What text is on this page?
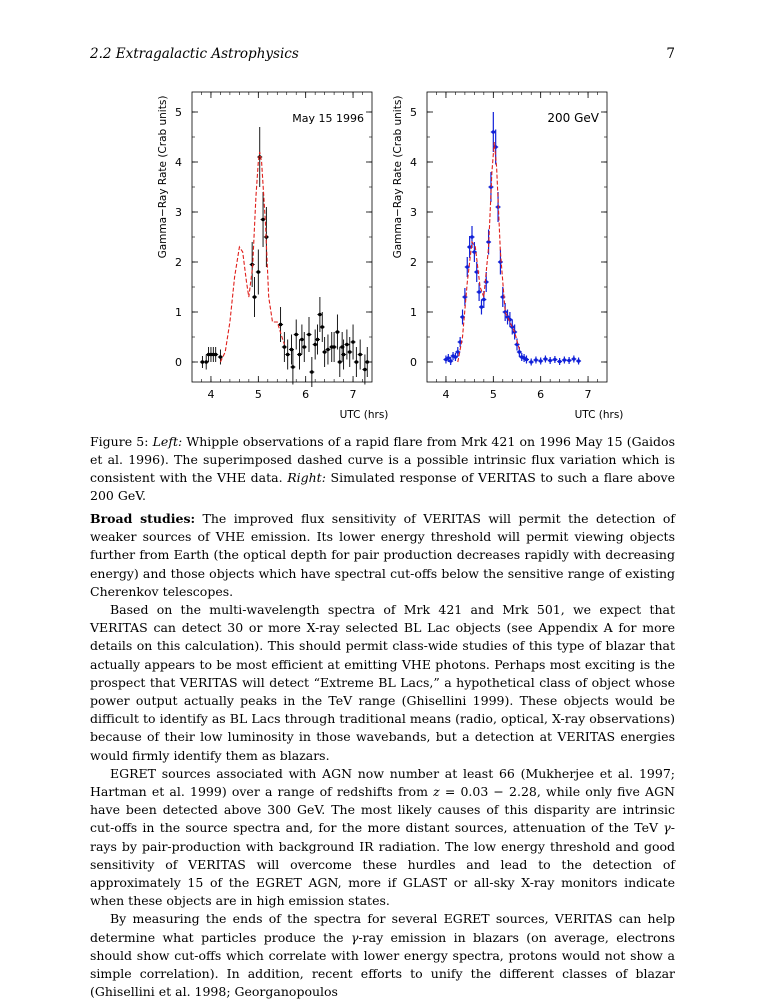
2.2 Extragalactic Astrophysics	7
0
1
2
3
4
5
4	5	6	7
UTC (hrs)
Gamma−Ray Rate (Crab units)	May 15 1996
0
1
2
3
4
5
4	5	6	7
UTC (hrs)
Gamma−Ray Rate (Crab units)	200 GeV
Figure 5: Left: Whipple observations of a rapid flare from Mrk 421 on 1996 May 15 (Gaidos et al. 1996). The superimposed dashed curve is a possible intrinsic flux variation which is consistent with the VHE data. Right: Simulated response of VERITAS to such a flare above 200 GeV.

Broad studies: The improved flux sensitivity of VERITAS will permit the detection of weaker sources of VHE emission. Its lower energy threshold will permit viewing objects further from Earth (the optical depth for pair production decreases rapidly with decreasing energy) and those objects which have spectral cut-offs below the sensitive range of existing Cherenkov telescopes.

Based on the multi-wavelength spectra of Mrk 421 and Mrk 501, we expect that VERITAS can detect 30 or more X-ray selected BL Lac objects (see Appendix A for more details on this calculation). This should permit class-wide studies of this type of blazar that actually appears to be most efficient at emitting VHE photons. Perhaps most exciting is the prospect that VERITAS will detect “Extreme BL Lacs,” a hypothetical class of object whose power output actually peaks in the TeV range (Ghisellini 1999). These objects would be difficult to identify as BL Lacs through traditional means (radio, optical, X-ray observations) because of their low luminosity in those wavebands, but a detection at VERITAS energies would firmly identify them as blazars.

EGRET sources associated with AGN now number at least 66 (Mukherjee et al. 1997; Hartman et al. 1999) over a range of redshifts from z = 0.03 − 2.28, while only five AGN have been detected above 300 GeV. The most likely causes of this disparity are intrinsic cut-offs in the source spectra and, for the more distant sources, attenuation of the TeV γ-rays by pair-production with background IR radiation. The low energy threshold and good sensitivity of VERITAS will overcome these hurdles and lead to the detection of approximately 15 of the EGRET AGN, more if GLAST or all-sky X-ray monitors indicate when these objects are in high emission states.

By measuring the ends of the spectra for several EGRET sources, VERITAS can help determine what particles produce the γ-ray emission in blazars (on average, electrons should show cut-offs which correlate with lower energy spectra, protons would not show a simple correlation). In addition, recent efforts to unify the different classes of blazar (Ghisellini et al. 1998; Georganopoulos
